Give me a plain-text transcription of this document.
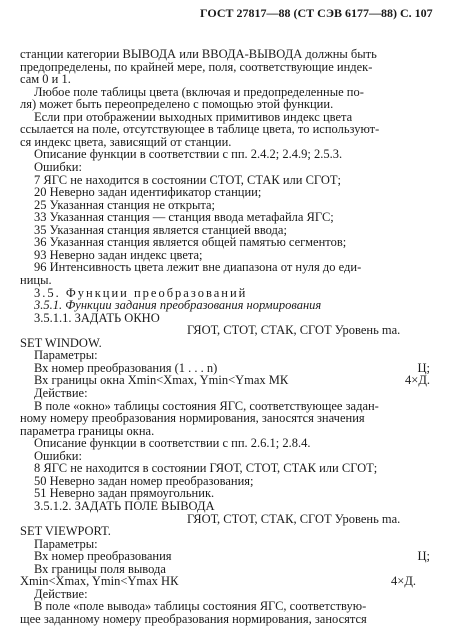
ГОСТ 27817—88 (СТ СЭВ 6177—88) С. 107
станции категории ВЫВОДА или ВВОДА-ВЫВОДА должны быть
предопределены, по крайней мере, поля, соответствующие индек-
сам 0 и 1.
Любое поле таблицы цвета (включая и предопределенные по-
ля) может быть переопределено с помощью этой функции.
Если при отображении выходных примитивов индекс цвета
ссылается на поле, отсутствующее в таблице цвета, то используют-
ся индекс цвета, зависящий от станции.
Описание функции в соответствии с пп. 2.4.2; 2.4.9; 2.5.3.
Ошибки:
7 ЯГС не находится в состоянии СТОТ, СТАК или СГОТ;
20 Неверно задан идентификатор станции;
25 Указанная станция не открыта;
33 Указанная станция — станция ввода метафайла ЯГС;
35 Указанная станция является станцией ввода;
36 Указанная станция является общей памятью сегментов;
93 Неверно задан индекс цвета;
96 Интенсивность цвета лежит вне диапазона от нуля до еди-
ницы.
3.5. Функции преобразований
3.5.1. Функции задания преобразования нормирования
3.5.1.1. ЗАДАТЬ ОКНО
ГЯОТ, СТОТ, СТАК, СГОТ Уровень ma.
SET WINDOW.
Параметры:
Вх номер преобразования (1 . . . n)	Ц;
Вх границы окна Xmin<Xmax, Ymin<Ymax МК	4×Д.
Действие:
В поле «окно» таблицы состояния ЯГС, соответствующее задан-
ному номеру преобразования нормирования, заносятся значения
параметра границы окна.
Описание функции в соответствии с пп. 2.6.1; 2.8.4.
Ошибки:
8 ЯГС не находится в состоянии ГЯОТ, СТОТ, СТАК или СГОТ;
50 Неверно задан номер преобразования;
51 Неверно задан прямоугольник.
3.5.1.2. ЗАДАТЬ ПОЛЕ ВЫВОДА
ГЯОТ, СТОТ, СТАК, СГОТ Уровень ma.
SET VIEWPORT.
Параметры:
Вх номер преобразования	Ц;
Вх границы поля вывода
Xmin<Xmax, Ymin<Ymax НК	4×Д.
Действие:
В поле «поле вывода» таблицы состояния ЯГС, соответствую-
щее заданному номеру преобразования нормирования, заносятся
